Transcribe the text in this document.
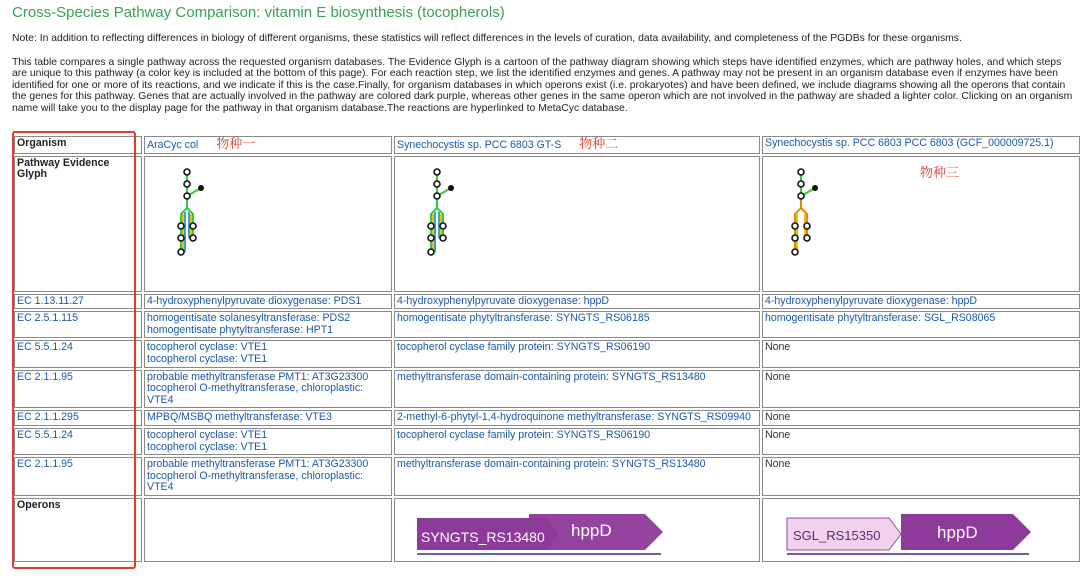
Cross-Species Pathway Comparison: vitamin E biosynthesis (tocopherols)
Note: In addition to reflecting differences in biology of different organisms, these statistics will reflect differences in the levels of curation, data availability, and completeness of the PGDBs for these organisms.
This table compares a single pathway across the requested organism databases. The Evidence Glyph is a cartoon of the pathway diagram showing which steps have identified enzymes, which are pathway holes, and which steps are unique to this pathway (a color key is included at the bottom of this page). For each reaction step, we list the identified enzymes and genes. A pathway may not be present in an organism database even if enzymes have been identified for one or more of its reactions, and we indicate if this is the case.Finally, for organism databases in which operons exist (i.e. prokaryotes) and have been defined, we include diagrams showing all the operons that contain the genes for this pathway. Genes that are actually involved in the pathway are colored dark purple, whereas other genes in the same operon which are not involved in the pathway are shaded a lighter color. Clicking on an organism name will take you to the display page for the pathway in that organism database.The reactions are hyperlinked to MetaCyc database.
Organism	AraCyc col 物种一	Synechocystis sp. PCC 6803 GT-S 物种二	Synechocystis sp. PCC 6803 PCC 6803 (GCF_000009725.1)
Pathway Evidence Glyph	

EC 1.13.11.27	4-hydroxyphenylpyruvate dioxygenase: PDS1	4-hydroxyphenylpyruvate dioxygenase: hppD	4-hydroxyphenylpyruvate dioxygenase: hppD

EC 2.5.1.115	homogentisate solanesyltransferase: PDS2
homogentisate phytyltransferase: HPT1	homogentisate phytyltransferase: SYNGTS_RS06185	homogentisate phytyltransferase: SGL_RS08065

EC 5.5.1.24	tocopherol cyclase: VTE1
tocopherol cyclase: VTE1	tocopherol cyclase family protein: SYNGTS_RS06190	None

EC 2.1.1.95	probable methyltransferase PMT1: AT3G23300
tocopherol O-methyltransferase, chloroplastic: VTE4	methyltransferase domain-containing protein: SYNGTS_RS13480	None

EC 2.1.1.295	MPBQ/MSBQ methyltransferase: VTE3	2-methyl-6-phytyl-1,4-hydroquinone methyltransferase: SYNGTS_RS09940	None

EC 5.5.1.24	tocopherol cyclase: VTE1
tocopherol cyclase: VTE1	tocopherol cyclase family protein: SYNGTS_RS06190	None

EC 2.1.1.95	probable methyltransferase PMT1: AT3G23300
tocopherol O-methyltransferase, chloroplastic: VTE4	methyltransferase domain-containing protein: SYNGTS_RS13480	None

Operons		SYNGTS_RS13480 hppD	SGL_RS15350 hppD
物种三
